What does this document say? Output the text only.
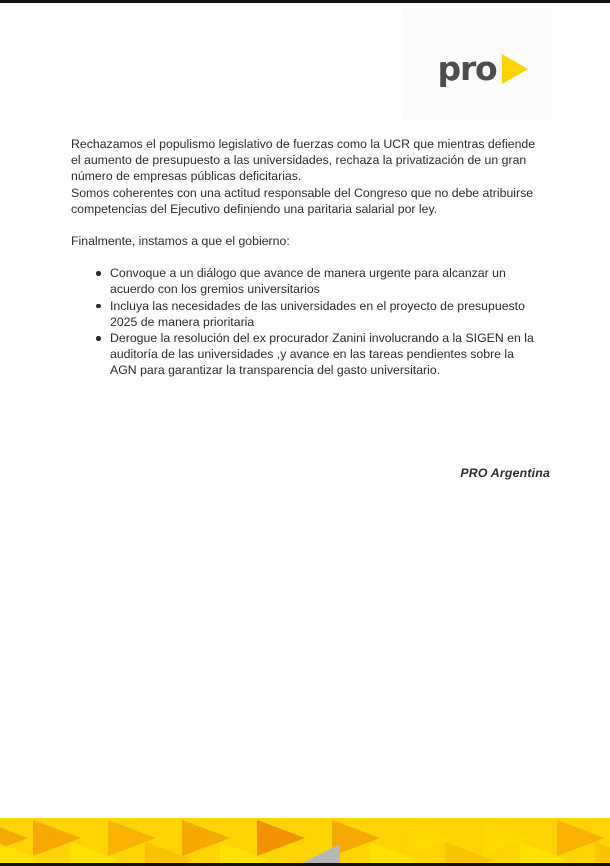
pro

Rechazamos el populismo legislativo de fuerzas como la UCR que mientras defiende el aumento de presupuesto a las universidades, rechaza la privatización de un gran número de empresas públicas deficitarias.

Somos coherentes con una actitud responsable del Congreso que no debe atribuirse competencias del Ejecutivo definiendo una paritaria salarial por ley.

Finalmente, instamos a que el gobierno:

Convoque a un diálogo que avance de manera urgente para alcanzar un acuerdo con los gremios universitarios
Incluya las necesidades de las universidades en el proyecto de presupuesto 2025 de manera prioritaria
Derogue la resolución del ex procurador Zanini involucrando a la SIGEN en la auditoría de las universidades ,y avance en las tareas pendientes sobre la AGN para garantizar la transparencia del gasto universitario.
PRO Argentina
